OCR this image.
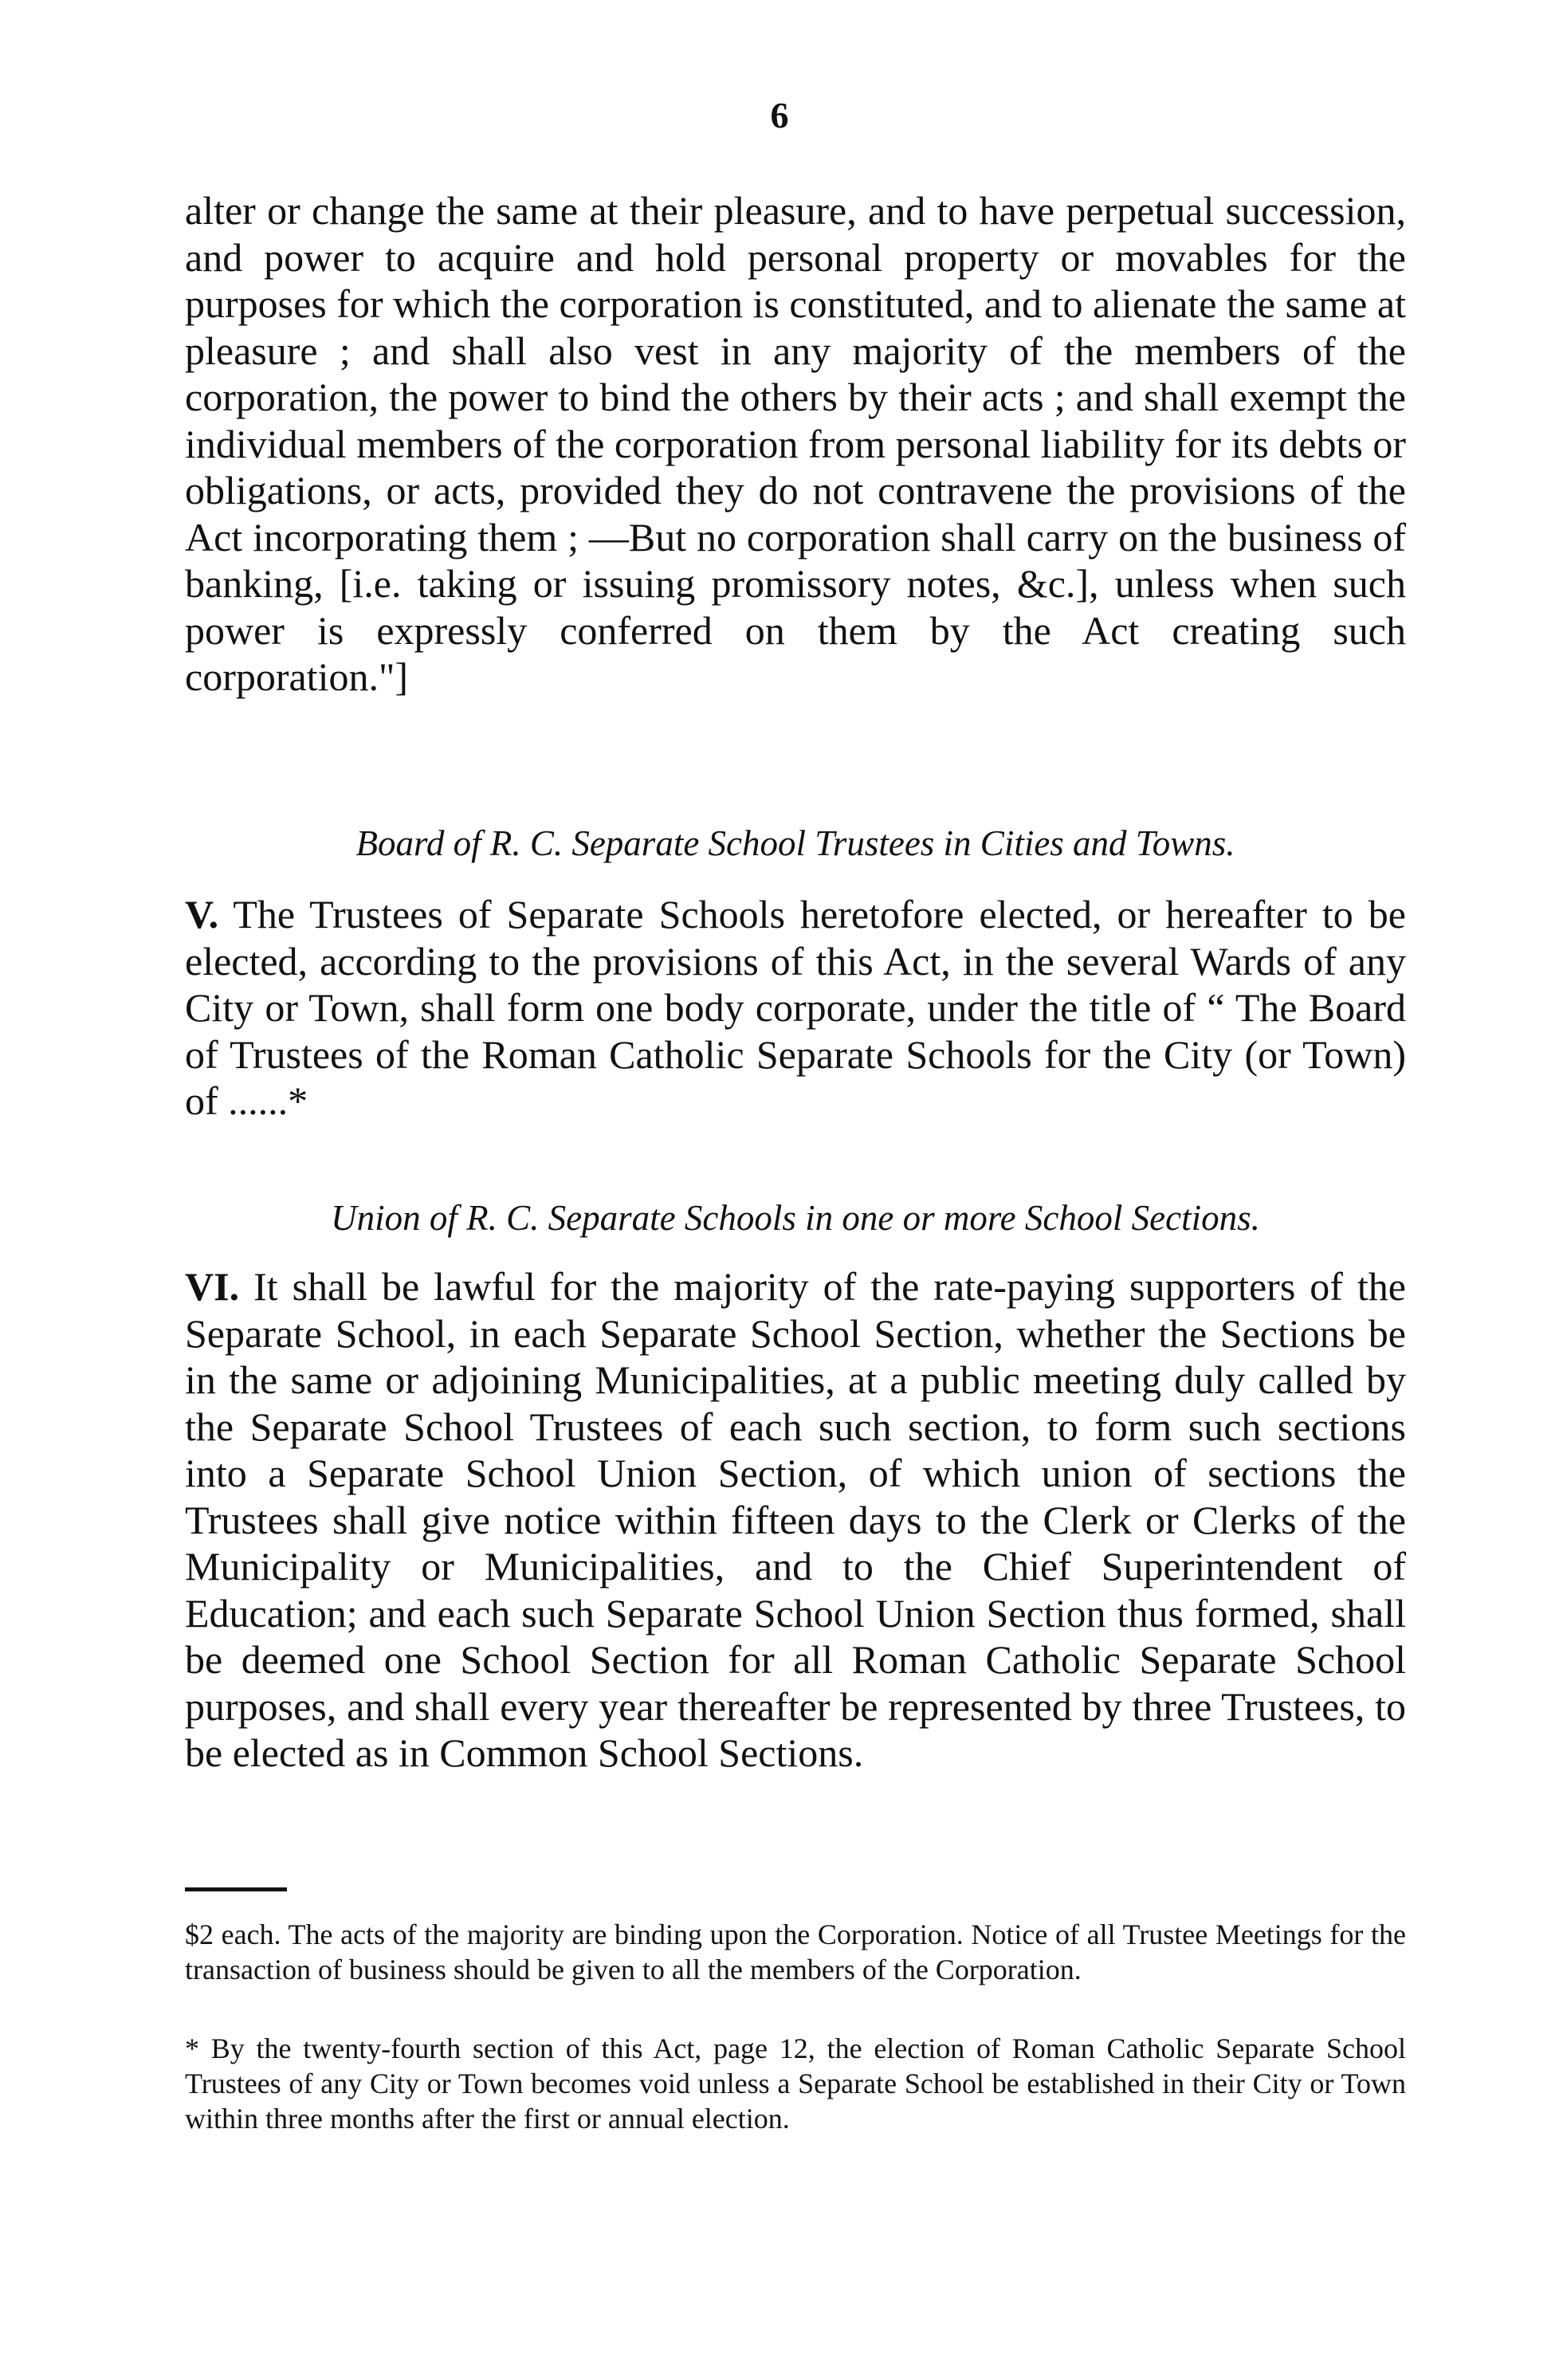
6

alter or change the same at their pleasure, and to have perpetual succession, and power to acquire and hold personal property or movables for the purposes for which the corporation is constituted, and to alienate the same at pleasure ; and shall also vest in any majority of the members of the corporation, the power to bind the others by their acts ; and shall exempt the individual members of the corporation from personal liability for its debts or obligations, or acts, provided they do not contravene the provisions of the Act incorporating them ; —But no corporation shall carry on the business of banking, [i.e. taking or issuing promissory notes, &c.], unless when such power is expressly conferred on them by the Act creating such corporation."]

Board of R. C. Separate School Trustees in Cities and Towns.

V. The Trustees of Separate Schools heretofore elected, or hereafter to be elected, according to the provisions of this Act, in the several Wards of any City or Town, shall form one body corporate, under the title of “ The Board of Trustees of the Roman Catholic Separate Schools for the City (or Town) of ......*

Union of R. C. Separate Schools in one or more School Sections.

VI. It shall be lawful for the majority of the rate-paying supporters of the Separate School, in each Separate School Section, whether the Sections be in the same or adjoining Municipalities, at a public meeting duly called by the Separate School Trustees of each such section, to form such sections into a Separate School Union Section, of which union of sections the Trustees shall give notice within fifteen days to the Clerk or Clerks of the Municipality or Municipalities, and to the Chief Superintendent of Education; and each such Separate School Union Section thus formed, shall be deemed one School Section for all Roman Catholic Separate School purposes, and shall every year thereafter be represented by three Trustees, to be elected as in Common School Sections.

$2 each. The acts of the majority are binding upon the Corporation. Notice of all Trustee Meetings for the transaction of business should be given to all the members of the Corporation.

* By the twenty-fourth section of this Act, page 12, the election of Roman Catholic Separate School Trustees of any City or Town becomes void unless a Separate School be established in their City or Town within three months after the first or annual election.
